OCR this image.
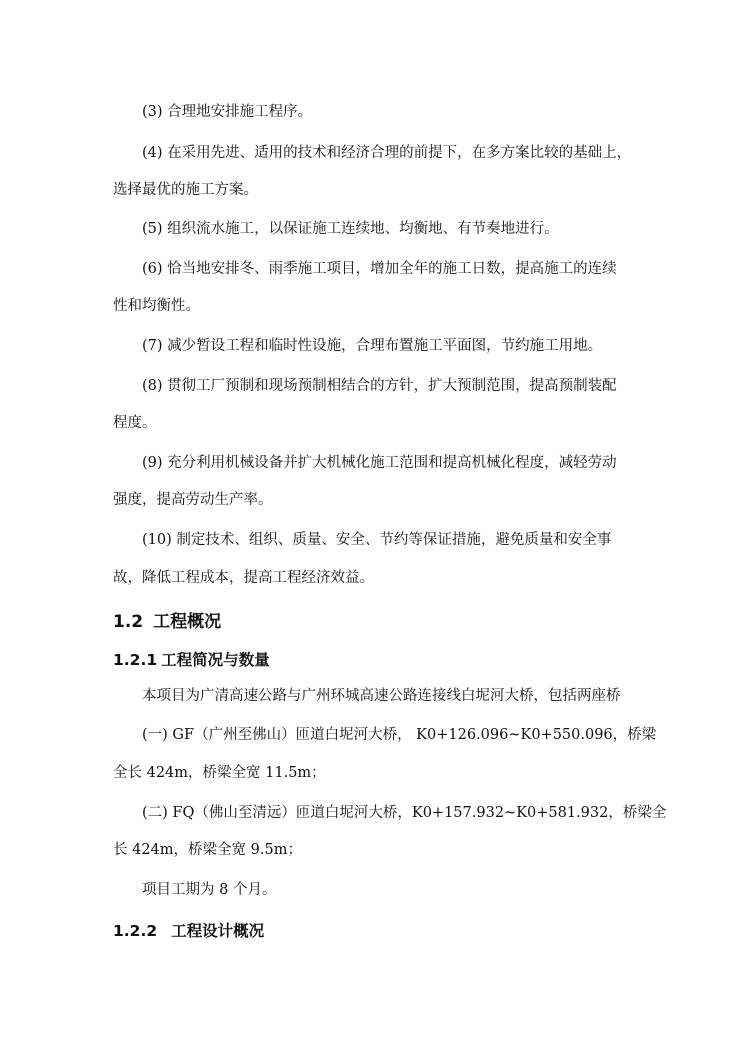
(3) 合理地安排施工程序。

(4) 在采用先进、适用的技术和经济合理的前提下，在多方案比较的基础上，

选择最优的施工方案。

(5) 组织流水施工，以保证施工连续地、均衡地、有节奏地进行。

(6) 恰当地安排冬、雨季施工项目，增加全年的施工日数，提高施工的连续

性和均衡性。

(7) 减少暂设工程和临时性设施，合理布置施工平面图，节约施工用地。

(8) 贯彻工厂预制和现场预制相结合的方针，扩大预制范围，提高预制装配

程度。

(9) 充分利用机械设备并扩大机械化施工范围和提高机械化程度，减轻劳动

强度，提高劳动生产率。

(10) 制定技术、组织、质量、安全、节约等保证措施，避免质量和安全事

故，降低工程成本，提高工程经济效益。

1.2 工程概况
1.2.1 工程简况与数量

本项目为广清高速公路与广州环城高速公路连接线白坭河大桥，包括两座桥

(一) GF（广州至佛山）匝道白坭河大桥， K0+126.096~K0+550.096，桥梁

全长 424m，桥梁全宽 11.5m；

(二) FQ（佛山至清远）匝道白坭河大桥，K0+157.932~K0+581.932，桥梁全

长 424m，桥梁全宽 9.5m；

项目工期为 8 个月。

1.2.2 工程设计概况
